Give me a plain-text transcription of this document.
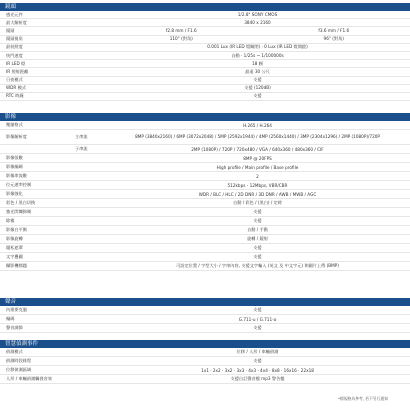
鏡頭
感光元件	1/2.8" SONY CMOS
最大解析度	3840 x 2160
鏡頭	f2.8 mm / F1.6	f3.6 mm / F1.6
鏡頭視角	110° (對角)	96° (對角)
最低照度	0.001 Lux (IR LED 燈關閉) · 0 Lux (IR LED 燈開啟)
快門速度	自動 · 1/25s ~ 1/100000s
IR LED 燈	18 顆
IR 照射距離	最遠 30 公尺
日夜模式	支援
WDR 模式	支援 (120dB)
RTC 時鐘	支援
影像
壓縮格式	H.265 / H.264
影像解析度	主串流	8MP (3840x2160) / 6MP (3072x2048) / 5MP (2592x1944) / 4MP (2560x1440) / 3MP (2304x1296) / 2MP (1080P)/720P
子串流	2MP (1080P) / 720P / 720x480 / VGA / 640x360 / 480x360 / CIF
影像張數	8MP @ 20FPS
影像編碼	High profile / Main profile / Base profile
影像串流數	2
位元速率控制	512kbps - 12Mbps, VBR/CBR
影像強化	WDR / BLC / HLC / 2D DNR / 3D DNR / AWB / MWB / AGC
彩色 / 黑白切換	自動 / 彩色 / (黑白) / 定時
強光閃爍抑制	支援
除霧	支援
影像白平衡	自動 / 手動
影像旋轉	旋轉 / 鏡射
隱私遮罩	支援
文字疊圖	支援
攝影機標題	可設定位置 / 字型大小 / 字串內容, 支援文字輸入 (英文 及 中文字元) 和圖片上傳 (BMP)
聲音
內建麥克風	支援
編碼	G.711-u / G.711-a
聲音調節	支援
智慧偵測事件
偵測模式	位移 / 人形 / 車輛偵測
偵測時段排程	支援
位移偵測區域	1x1 · 2x2 · 3x2 · 3x3 · 4x3 · 4x4 · 8x8 · 16x16 · 22x18
人形 / 車輛偵測觸發音效	支援自訂聲音檔 mp3 警告檔
*標規格為參考, 若不另行通知
